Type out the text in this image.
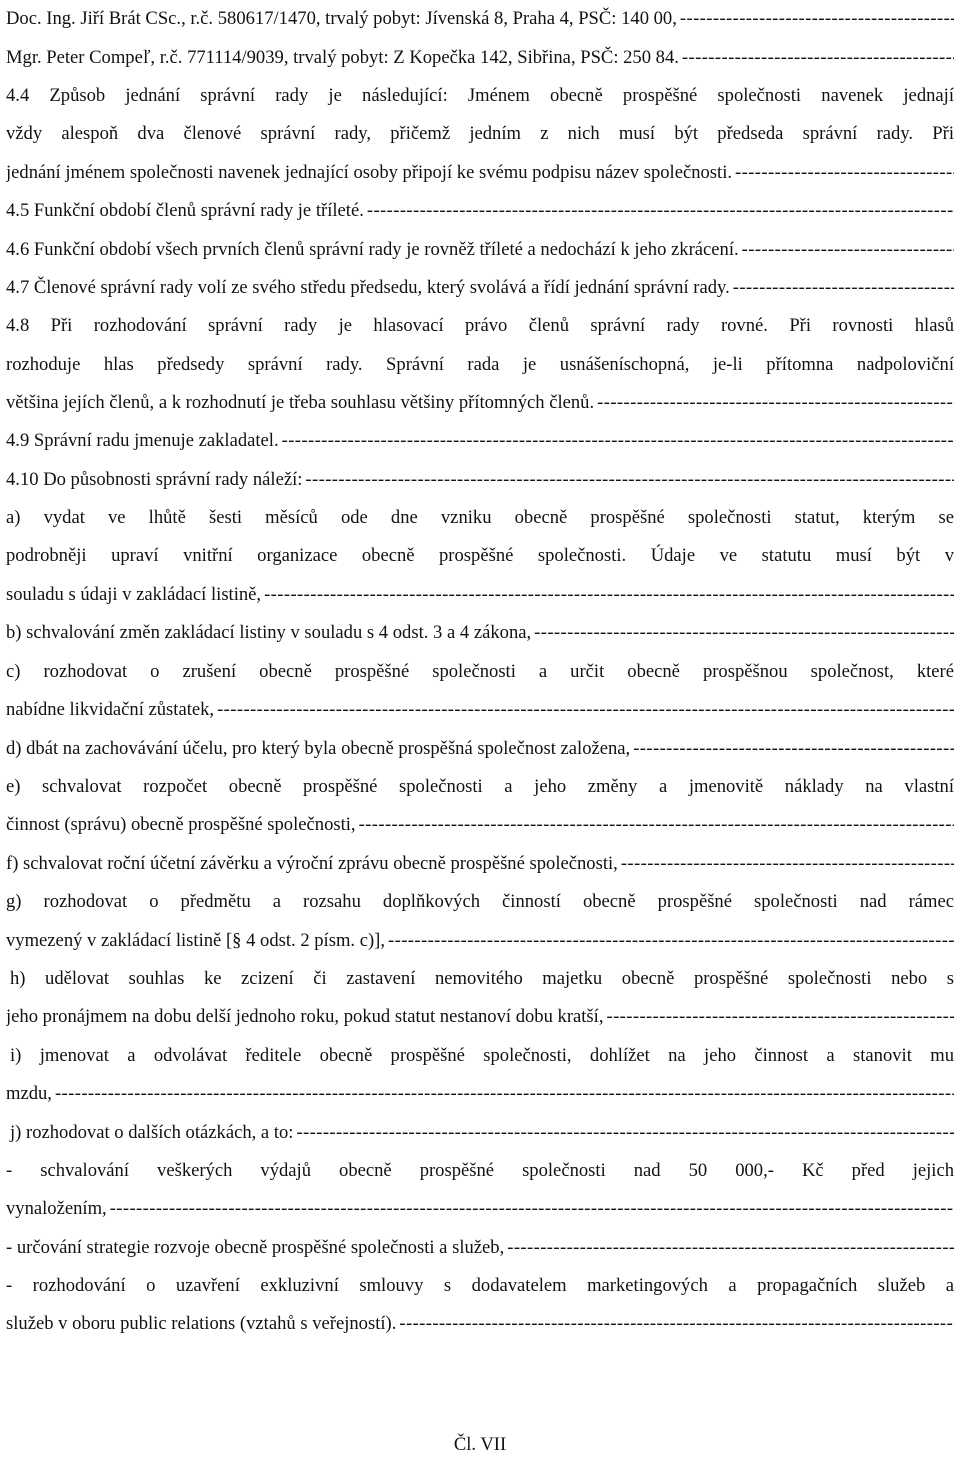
Doc. Ing. Jiří Brát CSc., r.č. 580617/1470, trvalý pobyt: Jívenská 8, Praha 4, PSČ: 140 00,
-----
Mgr. Peter Compeľ, r.č. 771114/9039, trvalý pobyt: Z Kopečka 142, Sibřina, PSČ: 250 84.
-----
4.4 Způsob jednání správní rady je následující: Jménem obecně prospěšné společnosti navenek jednají
vždy alespoň dva členové správní rady, přičemž jedním z nich musí být předseda správní rady. Při
jednání jménem společnosti navenek jednající osoby připojí ke svému podpisu název společnosti.
-----
4.5 Funkční období členů správní rady je tříleté.
-----
4.6 Funkční období všech prvních členů správní rady je rovněž tříleté a nedochází k jeho zkrácení.
-----
4.7 Členové správní rady volí ze svého středu předsedu, který svolává a řídí jednání správní rady.
-----
4.8 Při rozhodování správní rady je hlasovací právo členů správní rady rovné. Při rovnosti hlasů
rozhoduje hlas předsedy správní rady. Správní rada je usnášeníschopná, je-li přítomna nadpoloviční
většina jejích členů, a k rozhodnutí je třeba souhlasu většiny přítomných členů.
-----
4.9 Správní radu jmenuje zakladatel.
-----
4.10 Do působnosti správní rady náleží:
-----
a) vydat ve lhůtě šesti měsíců ode dne vzniku obecně prospěšné společnosti statut, kterým se
podrobněji upraví vnitřní organizace obecně prospěšné společnosti. Údaje ve statutu musí být v
souladu s údaji v zakládací listině,
-----
b) schvalování změn zakládací listiny v souladu s 4 odst. 3 a 4 zákona,
-----
c) rozhodovat o zrušení obecně prospěšné společnosti a určit obecně prospěšnou společnost, které
nabídne likvidační zůstatek,
-----
d) dbát na zachovávání účelu, pro který byla obecně prospěšná společnost založena,
-----
e) schvalovat rozpočet obecně prospěšné společnosti a jeho změny a jmenovitě náklady na vlastní
činnost (správu) obecně prospěšné společnosti,
-----
f) schvalovat roční účetní závěrku a výroční zprávu obecně prospěšné společnosti,
-----
g) rozhodovat o předmětu a rozsahu doplňkových činností obecně prospěšné společnosti nad rámec
vymezený v zakládací listině [§ 4 odst. 2 písm. c)],
-----
h) udělovat souhlas ke zcizení či zastavení nemovitého majetku obecně prospěšné společnosti nebo s
jeho pronájmem na dobu delší jednoho roku, pokud statut nestanoví dobu kratší,
-----
i) jmenovat a odvolávat ředitele obecně prospěšné společnosti, dohlížet na jeho činnost a stanovit mu
mzdu,
-----
j) rozhodovat o dalších otázkách, a to:
-----
- schvalování veškerých výdajů obecně prospěšné společnosti nad 50 000,- Kč před jejich
vynaložením,
-----
- určování strategie rozvoje obecně prospěšné společnosti a služeb,
-----
- rozhodování o uzavření exkluzivní smlouvy s dodavatelem marketingových a propagačních služeb a
služeb v oboru public relations (vztahů s veřejností).
-----
Čl. VII
